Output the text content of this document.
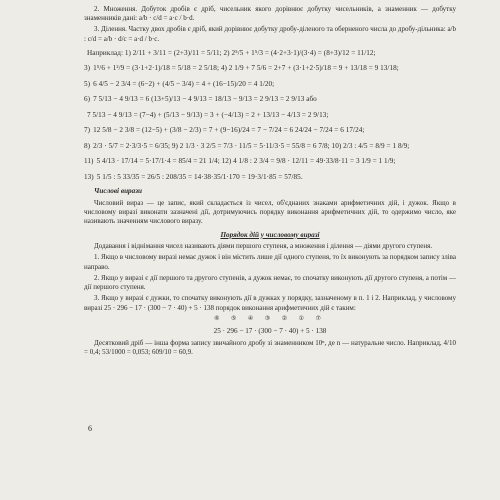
2. Множення. Добуток дробів є дріб, чисельник якого дорівнює добутку чисельників, а знаменник — добутку знаменників дані: a/b · c/d = a·c / b·d.

3. Ділення. Частку двох дробів є дріб, який дорівнює добутку дробу-діленого та оберненого числа до дробу-дільника: a/b : c/d = a/b · d/c = a·d / b·c.

Наприклад: 1) 2/11 + 3/11 = (2+3)/11 = 5/11; 2) 2⁵/5 + 1⁵/3 = (4·2+3·1)/(3·4) = (8+3)/12 = 11/12;
3) 1⁵/6 + 1²/9 = (3·1+2·1)/18 = 5/18 = 2 5/18; 4) 2 1/9 + 7 5/6 = 2+7 + (3·1+2·5)/18 = 9 + 13/18 = 9 13/18;
5) 6 4/5 − 2 3/4 = (6−2) + (4/5 − 3/4) = 4 + (16−15)/20 = 4 1/20;
6) 7 5/13 − 4 9/13 = 6 (13+5)/13 − 4 9/13 = 18/13 − 9/13 = 2 9/13 = 2 9/13 або
7 5/13 − 4 9/13 = (7−4) + (5/13 − 9/13) = 3 + (−4/13) = 2 + 13/13 − 4/13 = 2 9/13;
7) 12 5/8 − 2 3/8 = (12−5) + (3/8 − 2/3) = 7 + (9−16)/24 = 7 − 7/24 = 6 24/24 − 7/24 = 6 17/24;
8) 2/3 · 5/7 = 2·3/3·5 = 6/35; 9) 2 1/3 · 3 2/5 = 7/3 · 11/5 = 5·11/3·5 = 55/8 = 6 7/8; 10) 2/3 : 4/5 = 8/9 = 1 8/9;
11) 5 4/13 · 17/14 = 5·17/1·4 = 85/4 = 21 1/4; 12) 4 1/8 : 2 3/4 = 9/8 · 12/11 = 49·33/8·11 = 3 1/9 = 1 1/9;
13) 5 1/5 : 5 33/35 = 26/5 : 208/35 = 14·38·35/1·170 = 19·3/1·85 = 57/85.
Числові вирази

Числовий вираз — це запис, який складається із чисел, об'єднаних знаками арифметичних дій, і дужок. Якщо в числовому виразі виконати зазначені дії, дотримуючись порядку виконання арифметичних дій, то одержимо число, яке називають значенням числового виразу.

Порядок дій у числовому виразі

Додавання і віднімання чисел називають діями першого ступеня, а множення і ділення — діями другого ступеня.

1. Якщо в числовому виразі немає дужок і він містить лише дії одного ступеня, то їх виконують за порядком запису зліва направо.

2. Якщо у виразі є дії першого та другого ступенів, а дужок немає, то спочатку виконують дії другого ступеня, а потім — дії першого ступеня.

3. Якщо у виразі є дужки, то спочатку виконують дії в дужках у порядку, зазначеному в п. 1 і 2. Наприклад, у числовому виразі 25 · 296 − 17 · (300 − 7 · 40) + 5 · 138 порядок виконання арифметичних дій є таким:

⑥ ⑤ ④ ③ ② ① ⑦
25 · 296 − 17 · (300 − 7 · 40) + 5 · 138

Десятковий дріб — інша форма запису звичайного дробу зі знаменником 10ⁿ, де n — натуральне число. Наприклад, 4/10 = 0,4; 53/1000 = 0,053; 609/10 = 60,9.

6
